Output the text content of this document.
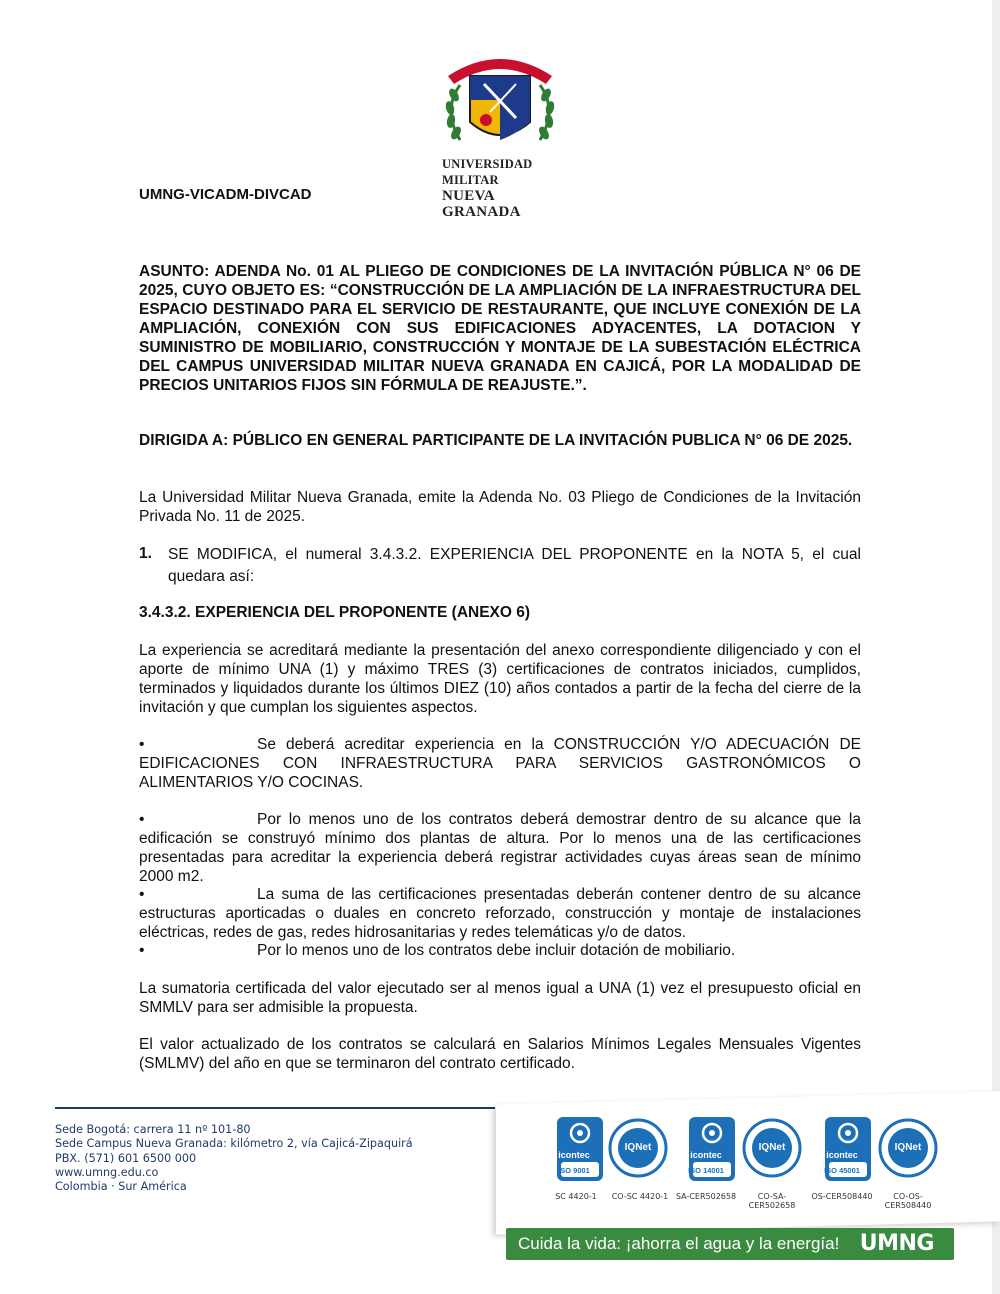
UNIVERSIDAD MILITAR
NUEVA GRANADA
UMNG-VICADM-DIVCAD
ASUNTO: ADENDA No. 01 AL PLIEGO DE CONDICIONES DE LA INVITACIÓN PÚBLICA N° 06 DE 2025, CUYO OBJETO ES: “CONSTRUCCIÓN DE LA AMPLIACIÓN DE LA INFRAESTRUCTURA DEL ESPACIO DESTINADO PARA EL SERVICIO DE RESTAURANTE, QUE INCLUYE CONEXIÓN DE LA AMPLIACIÓN, CONEXIÓN CON SUS EDIFICACIONES ADYACENTES, LA DOTACION Y SUMINISTRO DE MOBILIARIO, CONSTRUCCIÓN Y MONTAJE DE LA SUBESTACIÓN ELÉCTRICA DEL CAMPUS UNIVERSIDAD MILITAR NUEVA GRANADA EN CAJICÁ, POR LA MODALIDAD DE PRECIOS UNITARIOS FIJOS SIN FÓRMULA DE REAJUSTE.”.
DIRIGIDA A: PÚBLICO EN GENERAL PARTICIPANTE DE LA INVITACIÓN PUBLICA N° 06 DE 2025.
La Universidad Militar Nueva Granada, emite la Adenda No. 03 Pliego de Condiciones de la Invitación Privada No. 11 de 2025.
1.	SE MODIFICA, el numeral 3.4.3.2. EXPERIENCIA DEL PROPONENTE en la NOTA 5, el cual quedara así:
3.4.3.2. EXPERIENCIA DEL PROPONENTE (ANEXO 6)
La experiencia se acreditará mediante la presentación del anexo correspondiente diligenciado y con el aporte de mínimo UNA (1) y máximo TRES (3) certificaciones de contratos iniciados, cumplidos, terminados y liquidados durante los últimos DIEZ (10) años contados a partir de la fecha del cierre de la invitación y que cumplan los siguientes aspectos.
•	Se deberá acreditar experiencia en la CONSTRUCCIÓN Y/O ADECUACIÓN DE EDIFICACIONES CON INFRAESTRUCTURA PARA SERVICIOS GASTRONÓMICOS O ALIMENTARIOS Y/O COCINAS.
•	Por lo menos uno de los contratos deberá demostrar dentro de su alcance que la edificación se construyó mínimo dos plantas de altura. Por lo menos una de las certificaciones presentadas para acreditar la experiencia deberá registrar actividades cuyas áreas sean de mínimo 2000 m2.
•	La suma de las certificaciones presentadas deberán contener dentro de su alcance estructuras aporticadas o duales en concreto reforzado, construcción y montaje de instalaciones eléctricas, redes de gas, redes hidrosanitarias y redes telemáticas y/o de datos.
•	Por lo menos uno de los contratos debe incluir dotación de mobiliario.
La sumatoria certificada del valor ejecutado ser al menos igual a UNA (1) vez el presupuesto oficial en SMMLV para ser admisible la propuesta.
El valor actualizado de los contratos se calculará en Salarios Mínimos Legales Mensuales Vigentes (SMLMV) del año en que se terminaron del contrato certificado.
Sede Bogotá: carrera 11 nº 101-80
Sede Campus Nueva Granada: kilómetro 2, vía Cajicá-Zipaquirá
PBX. (571) 601 6500 000
www.umng.edu.co
Colombia · Sur América
icontec
ISO 9001
SC 4420-1
IQNet
CO-SC 4420-1
icontec
ISO 14001
SA-CER502658
IQNet
CO-SA-CER502658
icontec
ISO 45001
OS-CER508440
IQNet
CO-OS-CER508440
Cuida la vida: ¡ahorra el agua y la energía! UMNG
